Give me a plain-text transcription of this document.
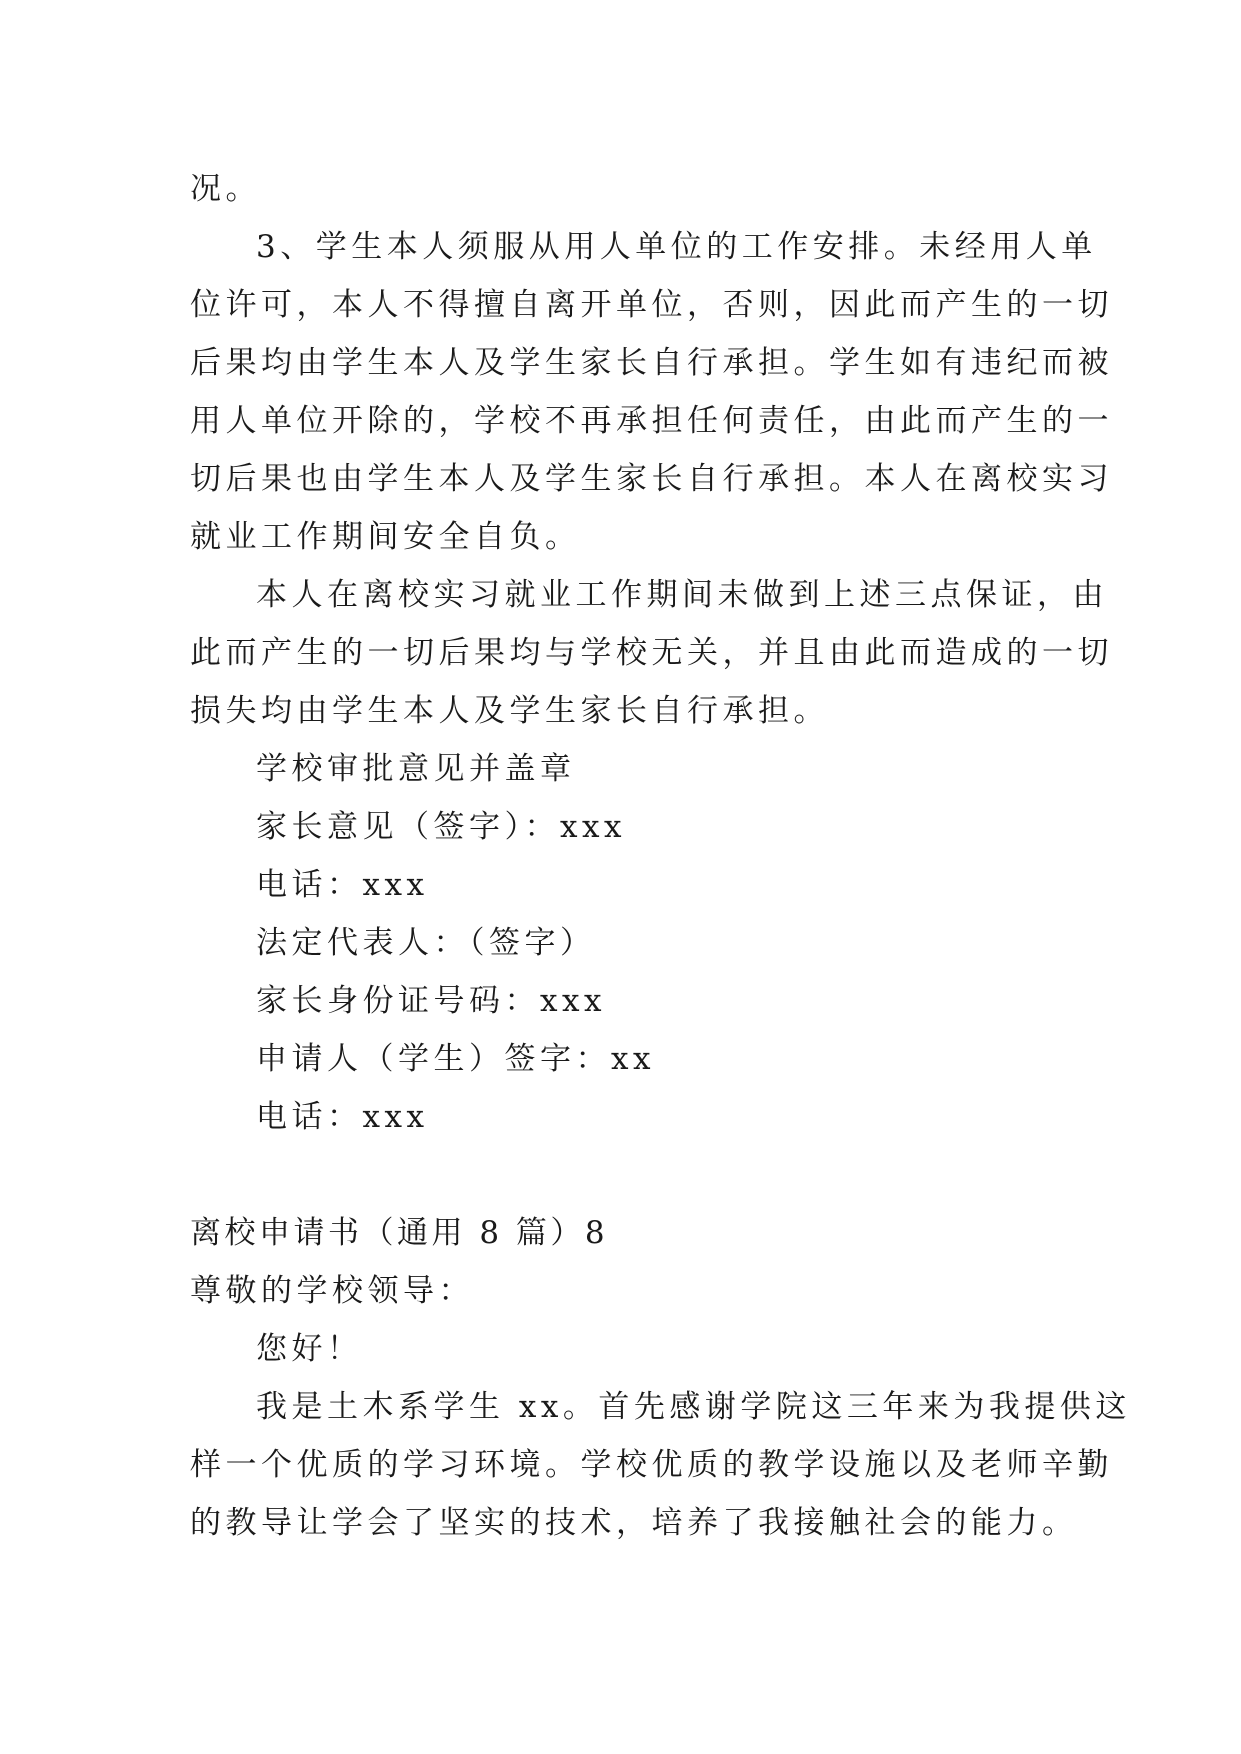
况。
3、学生本人须服从用人单位的工作安排。未经用人单
位许可，本人不得擅自离开单位，否则，因此而产生的一切
后果均由学生本人及学生家长自行承担。学生如有违纪而被
用人单位开除的，学校不再承担任何责任，由此而产生的一
切后果也由学生本人及学生家长自行承担。本人在离校实习
就业工作期间安全自负。
本人在离校实习就业工作期间未做到上述三点保证，由
此而产生的一切后果均与学校无关，并且由此而造成的一切
损失均由学生本人及学生家长自行承担。
学校审批意见并盖章
家长意见（签字）：xxx
电话：xxx
法定代表人：（签字）
家长身份证号码：xxx
申请人（学生）签字：xx
电话：xxx
离校申请书（通用 8 篇）8
尊敬的学校领导：
您好！
我是土木系学生 xx。首先感谢学院这三年来为我提供这
样一个优质的学习环境。学校优质的教学设施以及老师辛勤
的教导让学会了坚实的技术，培养了我接触社会的能力。
